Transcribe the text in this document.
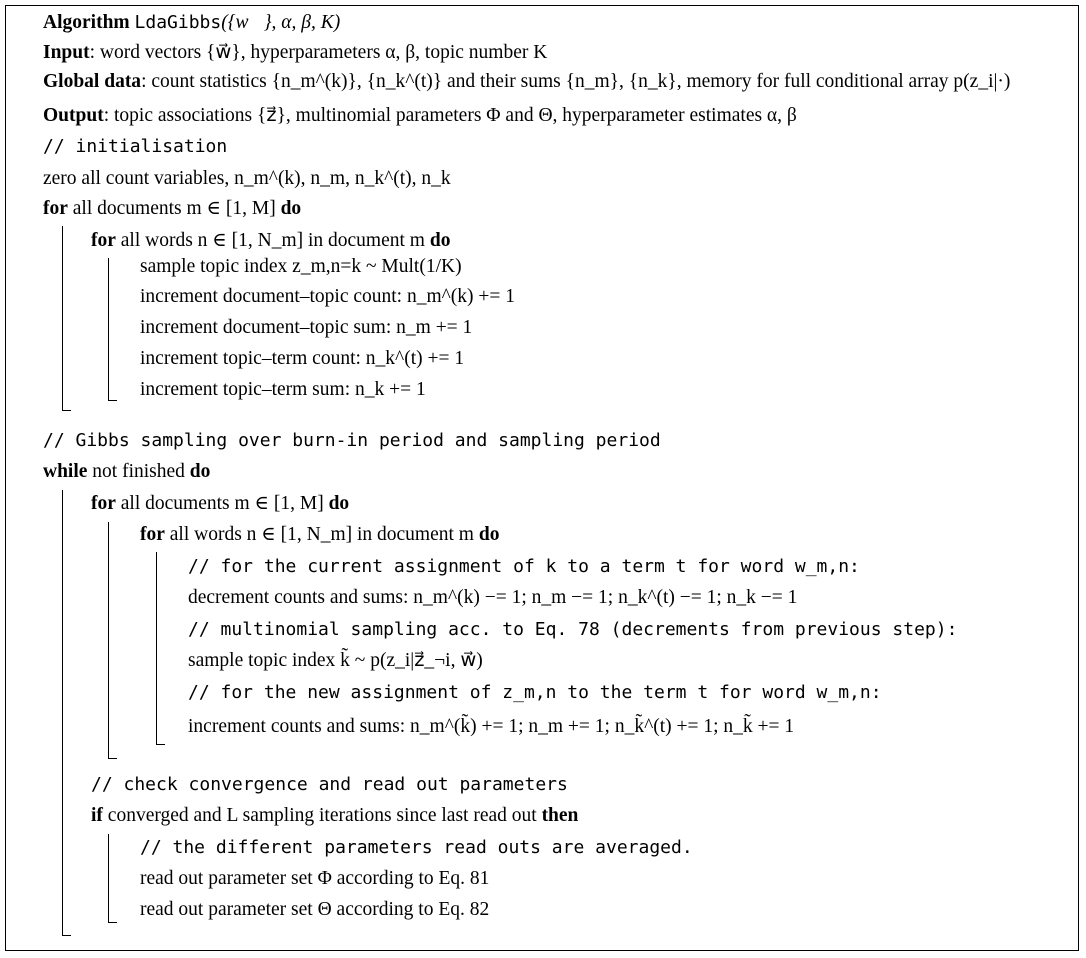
Algorithm LdaGibbs({w⃗}, α, β, K)
Input: word vectors {w⃗}, hyperparameters α, β, topic number K
Global data: count statistics {n_m^(k)}, {n_k^(t)} and their sums {n_m}, {n_k}, memory for full conditional array p(z_i|·)
Output: topic associations {z⃗}, multinomial parameters Φ and Θ, hyperparameter estimates α, β
// initialisation
zero all count variables, n_m^(k), n_m, n_k^(t), n_k
for all documents m ∈ [1, M] do
for all words n ∈ [1, N_m] in document m do
sample topic index z_m,n=k ~ Mult(1/K)
increment document–topic count: n_m^(k) += 1
increment document–topic sum: n_m += 1
increment topic–term count: n_k^(t) += 1
increment topic–term sum: n_k += 1
// Gibbs sampling over burn-in period and sampling period
while not finished do
for all documents m ∈ [1, M] do
for all words n ∈ [1, N_m] in document m do
// for the current assignment of k to a term t for word w_m,n:
decrement counts and sums: n_m^(k) −= 1; n_m −= 1; n_k^(t) −= 1; n_k −= 1
// multinomial sampling acc. to Eq. 78 (decrements from previous step):
sample topic index k̃ ~ p(z_i|z⃗_¬i, w⃗)
// for the new assignment of z_m,n to the term t for word w_m,n:
increment counts and sums: n_m^(k̃) += 1; n_m += 1; n_k̃^(t) += 1; n_k̃ += 1
// check convergence and read out parameters
if converged and L sampling iterations since last read out then
// the different parameters read outs are averaged.
read out parameter set Φ according to Eq. 81
read out parameter set Θ according to Eq. 82
